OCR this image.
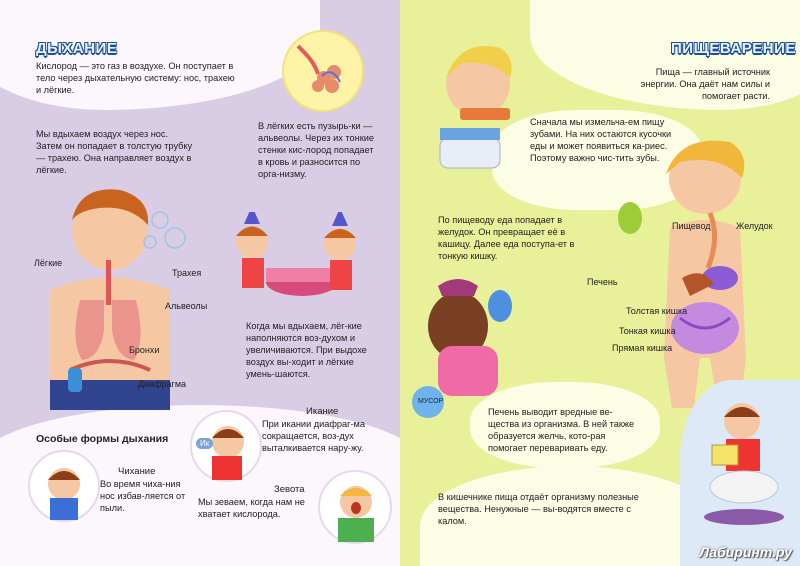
ДЫХАНИЕ

Кислород — это газ в воздухе. Он поступает в тело через дыхательную систему: нос, трахею и лёгкие.

Мы вдыхаем воздух через нос. Затем он попадает в толстую трубку — трахею. Она направляет воздух в лёгкие.

В лёгких есть пузырь-ки — альвеолы. Через их тонкие стенки кис-лород попадает в кровь и разносится по орга-низму.

Когда мы вдыхаем, лёг-кие наполняются воз-духом и увеличиваются. При выдохе воздух вы-ходит и лёгкие умень-шаются.

Лёгкие
Трахея
Альвеолы
Бронхи
Диафрагма
Особые формы дыхания
Чихание

Во время чиха-ния нос избав-ляется от пыли.

Икание

При икании диафраг-ма сокращается, воз-дух выталкивается нару-жу.

Зевота

Мы зеваем, когда нам не хватает кислорода.

Ик
ПИЩЕВАРЕНИЕ

Пища — главный источник энергии. Она даёт нам силы и помогает расти.

Сначала мы измельча-ем пищу зубами. На них остаются кусочки еды и может появиться ка-риес. Поэтому важно чис-тить зубы.

По пищеводу еда попадает в желудок. Он превращает её в кашицу. Далее еда поступа-ет в тонкую кишку.

Печень выводит вредные ве-щества из организма. В ней также образуется желчь, кото-рая помогает переваривать еду.

В кишечнике пища отдаёт организму полезные вещества. Ненужные — вы-водятся вместе с калом.

Пищевод	Желудок
Печень
Толстая кишка
Тонкая кишка
Прямая кишка
МУСОР
Лабиринт.ру
